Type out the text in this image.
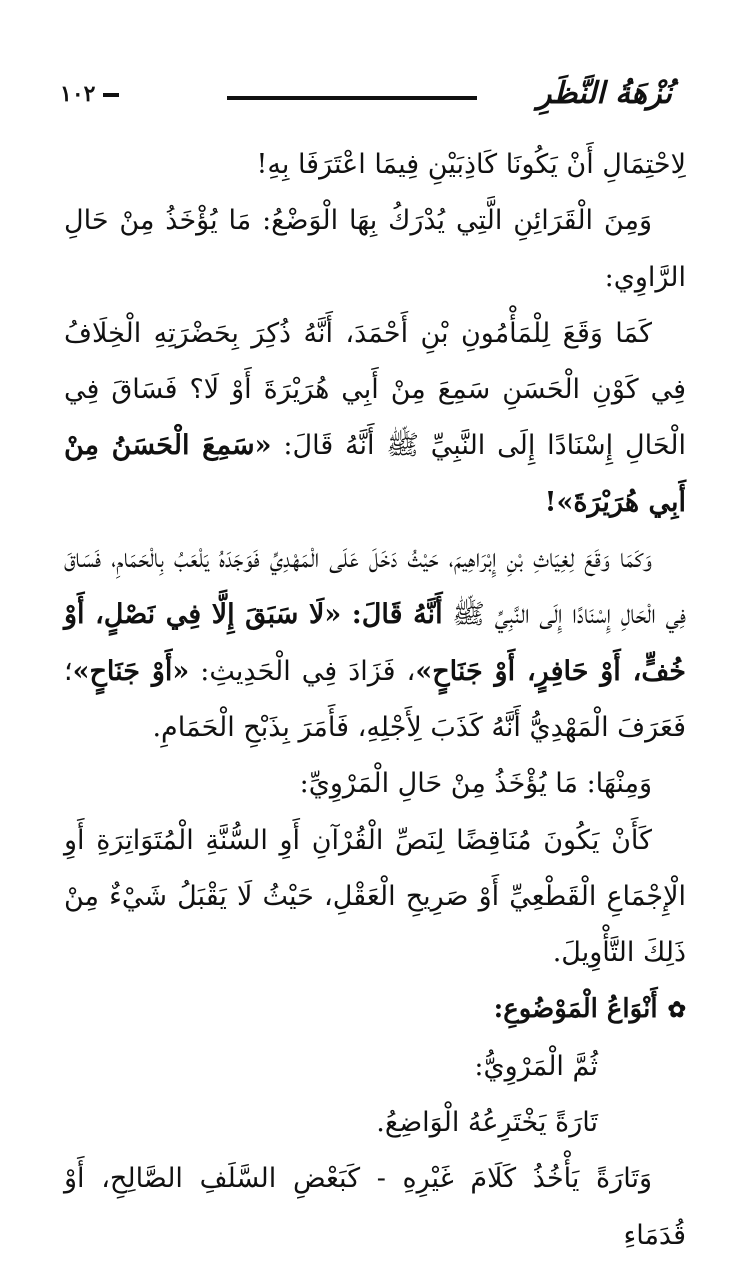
نُزْهَةُ النَّظَرِ
١٠٢

لِاحْتِمَالِ أَنْ يَكُونَا كَاذِبَيْنِ فِيمَا اعْتَرَفَا بِهِ!

وَمِنَ الْقَرَائِنِ الَّتِي يُدْرَكُ بِهَا الْوَضْعُ: مَا يُؤْخَذُ مِنْ حَالِ الرَّاوِي:

كَمَا وَقَعَ لِلْمَأْمُونِ بْنِ أَحْمَدَ، أَنَّهُ ذُكِرَ بِحَضْرَتِهِ الْخِلَافُ فِي كَوْنِ الْحَسَنِ سَمِعَ مِنْ أَبِي هُرَيْرَةَ أَوْ لَا؟ فَسَاقَ فِي الْحَالِ إِسْنَادًا إِلَى النَّبِيِّ ﷺ أَنَّهُ قَالَ: «سَمِعَ الْحَسَنُ مِنْ أَبِي هُرَيْرَةَ»!

وَكَمَا وَقَعَ لِغِيَاثِ بْنِ إِبْرَاهِيمَ، حَيْثُ دَخَلَ عَلَى الْمَهْدِيِّ فَوَجَدَهُ يَلْعَبُ بِالْحَمَامِ، فَسَاقَ فِي الْحَالِ إِسْنَادًا إِلَى النَّبِيِّ ﷺ أَنَّهُ قَالَ: «لَا سَبَقَ إِلَّا فِي نَصْلٍ، أَوْ خُفٍّ، أَوْ حَافِرٍ، أَوْ جَنَاحٍ»، فَزَادَ فِي الْحَدِيثِ: «أَوْ جَنَاحٍ»؛ فَعَرَفَ الْمَهْدِيُّ أَنَّهُ كَذَبَ لِأَجْلِهِ، فَأَمَرَ بِذَبْحِ الْحَمَامِ.

وَمِنْهَا: مَا يُؤْخَذُ مِنْ حَالِ الْمَرْوِيِّ:

كَأَنْ يَكُونَ مُنَاقِضًا لِنَصِّ الْقُرْآنِ أَوِ السُّنَّةِ الْمُتَوَاتِرَةِ أَوِ الْإِجْمَاعِ الْقَطْعِيِّ أَوْ صَرِيحِ الْعَقْلِ، حَيْثُ لَا يَقْبَلُ شَيْءٌ مِنْ ذَلِكَ التَّأْوِيلَ.

✿أَنْوَاعُ الْمَوْضُوعِ:

ثُمَّ الْمَرْوِيُّ:

تَارَةً يَخْتَرِعُهُ الْوَاضِعُ.

وَتَارَةً يَأْخُذُ كَلَامَ غَيْرِهِ - كَبَعْضِ السَّلَفِ الصَّالِحِ، أَوْ قُدَمَاءِ
